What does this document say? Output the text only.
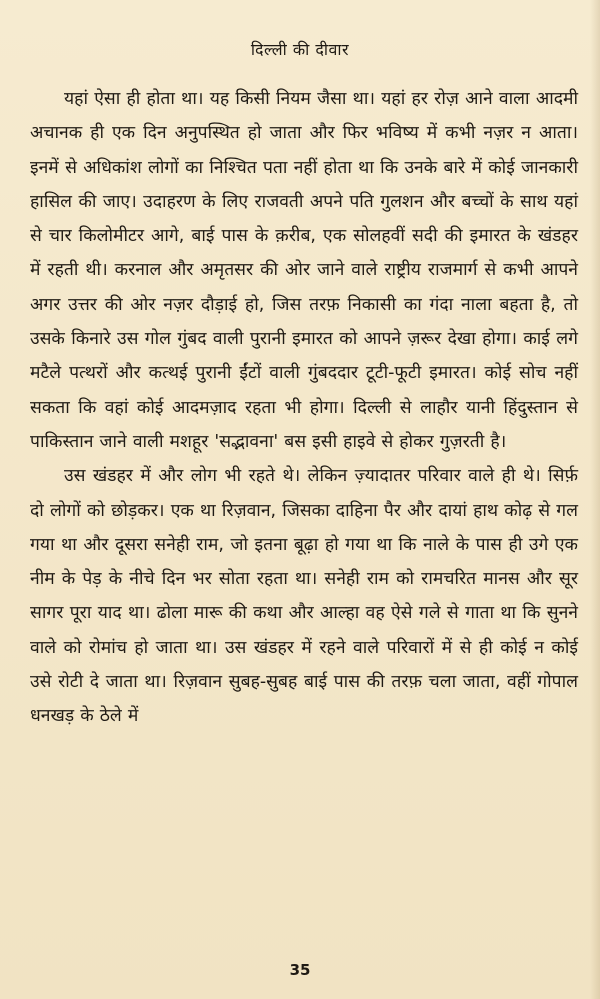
दिल्ली की दीवार

यहां ऐसा ही होता था। यह किसी नियम जैसा था। यहां हर रोज़ आने वाला आदमी अचानक ही एक दिन अनुपस्थित हो जाता और फिर भविष्य में कभी नज़र न आता। इनमें से अधिकांश लोगों का निश्चित पता नहीं होता था कि उनके बारे में कोई जानकारी हासिल की जाए। उदाहरण के लिए राजवती अपने पति गुलशन और बच्चों के साथ यहां से चार किलोमीटर आगे, बाई पास के क़रीब, एक सोलहवीं सदी की इमारत के खंडहर में रहती थी। करनाल और अमृतसर की ओर जाने वाले राष्ट्रीय राजमार्ग से कभी आपने अगर उत्तर की ओर नज़र दौड़ाई हो, जिस तरफ़ निकासी का गंदा नाला बहता है, तो उसके किनारे उस गोल गुंबद वाली पुरानी इमारत को आपने ज़रूर देखा होगा। काई लगे मटैले पत्थरों और कत्थई पुरानी ईंटों वाली गुंबददार टूटी-फूटी इमारत। कोई सोच नहीं सकता कि वहां कोई आदमज़ाद रहता भी होगा। दिल्ली से लाहौर यानी हिंदुस्तान से पाकिस्तान जाने वाली मशहूर 'सद्भावना' बस इसी हाइवे से होकर गुज़रती है।

उस खंडहर में और लोग भी रहते थे। लेकिन ज़्यादातर परिवार वाले ही थे। सिर्फ़ दो लोगों को छोड़कर। एक था रिज़वान, जिसका दाहिना पैर और दायां हाथ कोढ़ से गल गया था और दूसरा सनेही राम, जो इतना बूढ़ा हो गया था कि नाले के पास ही उगे एक नीम के पेड़ के नीचे दिन भर सोता रहता था। सनेही राम को रामचरित मानस और सूर सागर पूरा याद था। ढोला मारू की कथा और आल्हा वह ऐसे गले से गाता था कि सुनने वाले को रोमांच हो जाता था। उस खंडहर में रहने वाले परिवारों में से ही कोई न कोई उसे रोटी दे जाता था। रिज़वान सुबह-सुबह बाई पास की तरफ़ चला जाता, वहीं गोपाल धनखड़ के ठेले में

35
